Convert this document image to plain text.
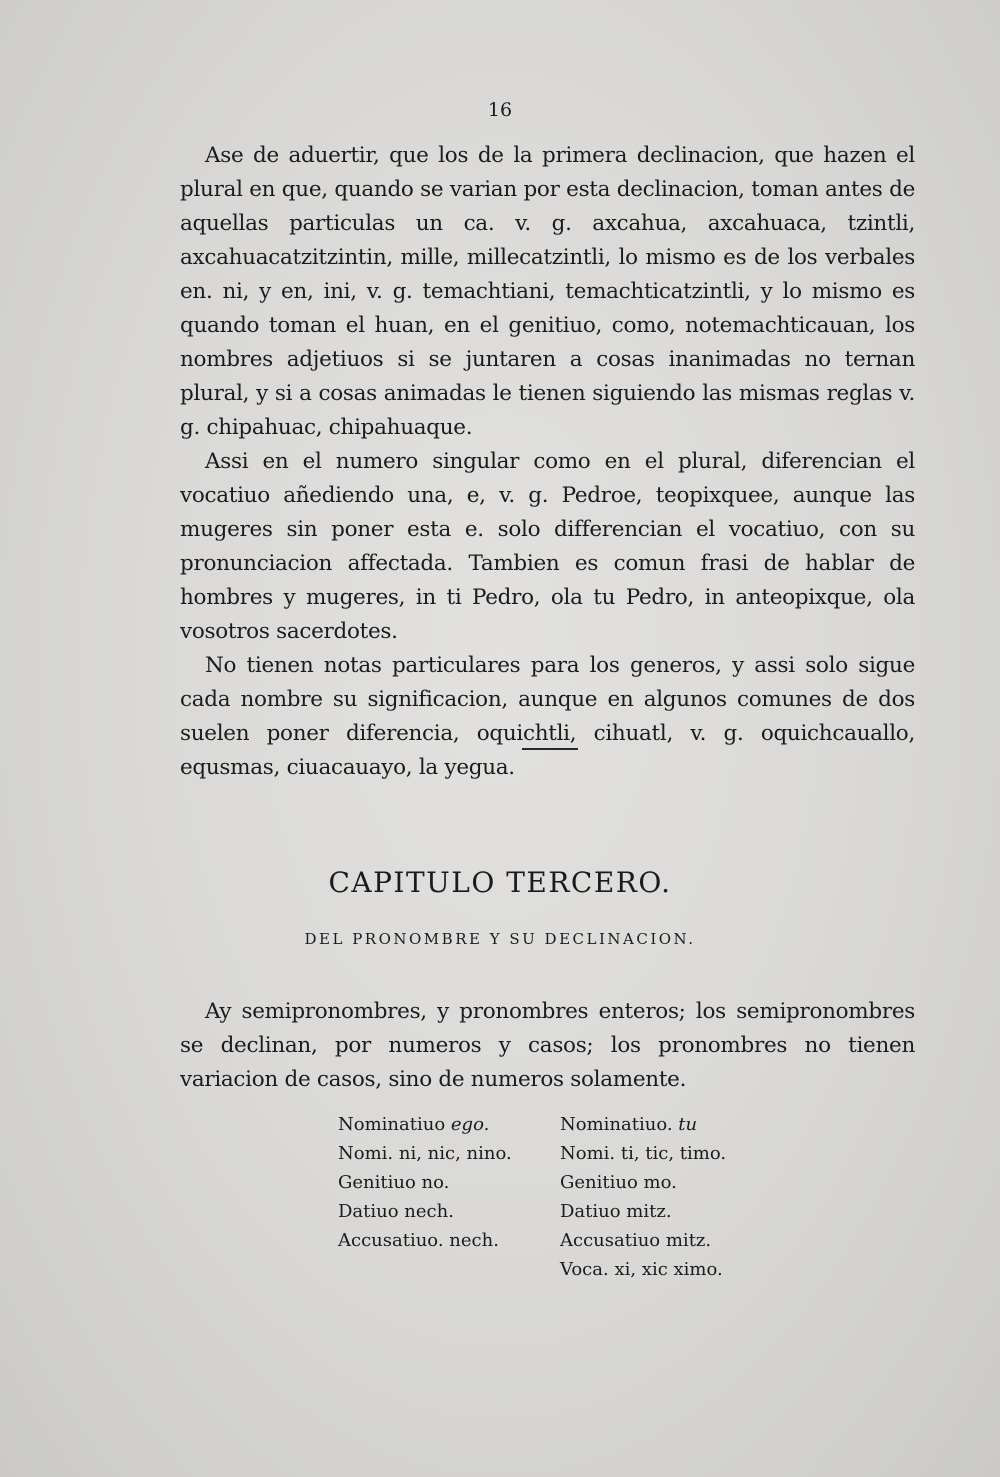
16

Ase de aduertir, que los de la primera declinacion, que hazen el plural en que, quando se varian por esta declinacion, toman antes de aquellas particulas un ca. v. g. axcahua, axcahuaca, tzintli, axcahuacatzitzintin, mille, millecatzintli, lo mismo es de los verbales en. ni, y en, ini, v. g. temachtiani, temachticatzintli, y lo mismo es quando toman el huan, en el genitiuo, como, notemachticauan, los nombres adjetiuos si se juntaren a cosas inanimadas no ternan plural, y si a cosas animadas le tienen siguiendo las mismas reglas v. g. chipahuac, chipahuaque.

Assi en el numero singular como en el plural, diferencian el vocatiuo añediendo una, e, v. g. Pedroe, teopixquee, aunque las mugeres sin poner esta e. solo differencian el vocatiuo, con su pronunciacion affectada. Tambien es comun frasi de hablar de hombres y mugeres, in ti Pedro, ola tu Pedro, in anteopixque, ola vosotros sacerdotes.

No tienen notas particulares para los generos, y assi solo sigue cada nombre su significacion, aunque en algunos comunes de dos suelen poner diferencia, oquichtli, cihuatl, v. g. oquichcauallo, equsmas, ciuacauayo, la yegua.

CAPITULO TERCERO.
DEL PRONOMBRE Y SU DECLINACION.

Ay semipronombres, y pronombres enteros; los semipronombres se declinan, por numeros y casos; los pronombres no tienen variacion de casos, sino de numeros solamente.

Nominatiuo ego.
Nomi. ni, nic, nino.
Genitiuo no.
Datiuo nech.
Accusatiuo. nech.
Nominatiuo. tu
Nomi. ti, tic, timo.
Genitiuo mo.
Datiuo mitz.
Accusatiuo mitz.
Voca. xi, xic ximo.
